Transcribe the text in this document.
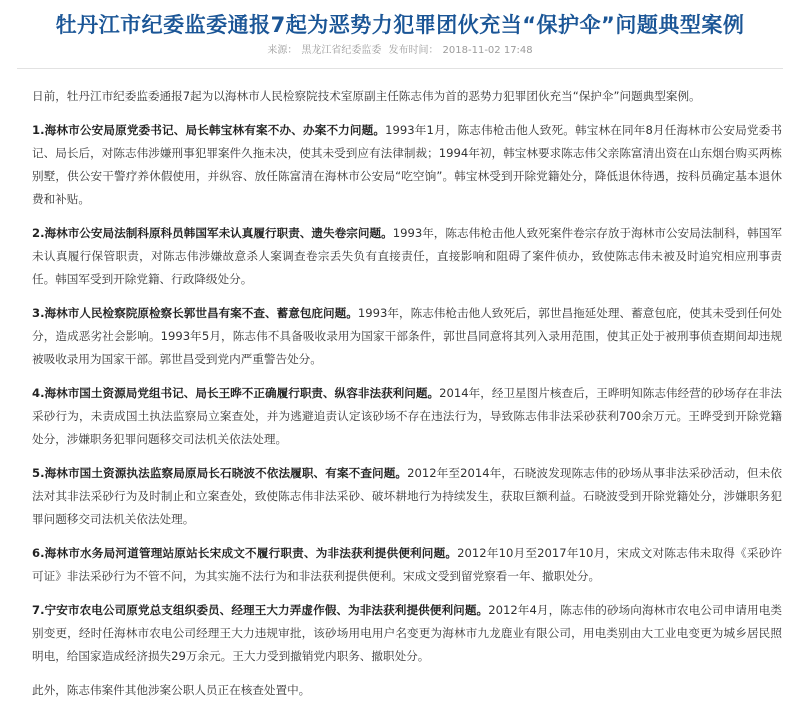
牡丹江市纪委监委通报7起为恶势力犯罪团伙充当“保护伞”问题典型案例
来源： 黑龙江省纪委监委 发布时间： 2018-11-02 17:48

日前，牡丹江市纪委监委通报7起为以海林市人民检察院技术室原副主任陈志伟为首的恶势力犯罪团伙充当“保护伞”问题典型案例。

1.海林市公安局原党委书记、局长韩宝林有案不办、办案不力问题。1993年1月，陈志伟枪击他人致死。韩宝林在同年8月任海林市公安局党委书记、局长后，对陈志伟涉嫌刑事犯罪案件久拖未决，使其未受到应有法律制裁；1994年初，韩宝林要求陈志伟父亲陈富清出资在山东烟台购买两栋别墅，供公安干警疗养休假使用，并纵容、放任陈富清在海林市公安局“吃空饷”。韩宝林受到开除党籍处分，降低退休待遇，按科员确定基本退休费和补贴。

2.海林市公安局法制科原科员韩国军未认真履行职责、遗失卷宗问题。1993年，陈志伟枪击他人致死案件卷宗存放于海林市公安局法制科，韩国军未认真履行保管职责，对陈志伟涉嫌故意杀人案调查卷宗丢失负有直接责任，直接影响和阻碍了案件侦办，致使陈志伟未被及时追究相应刑事责任。韩国军受到开除党籍、行政降级处分。

3.海林市人民检察院原检察长郭世昌有案不查、蓄意包庇问题。1993年，陈志伟枪击他人致死后，郭世昌拖延处理、蓄意包庇，使其未受到任何处分，造成恶劣社会影响。1993年5月，陈志伟不具备吸收录用为国家干部条件，郭世昌同意将其列入录用范围，使其正处于被刑事侦查期间却违规被吸收录用为国家干部。郭世昌受到党内严重警告处分。

4.海林市国土资源局党组书记、局长王晔不正确履行职责、纵容非法获利问题。2014年，经卫星图片核查后，王晔明知陈志伟经营的砂场存在非法采砂行为，未责成国土执法监察局立案查处，并为逃避追责认定该砂场不存在违法行为，导致陈志伟非法采砂获利700余万元。王晔受到开除党籍处分，涉嫌职务犯罪问题移交司法机关依法处理。

5.海林市国土资源执法监察局原局长石晓波不依法履职、有案不查问题。2012年至2014年，石晓波发现陈志伟的砂场从事非法采砂活动，但未依法对其非法采砂行为及时制止和立案查处，致使陈志伟非法采砂、破坏耕地行为持续发生，获取巨额利益。石晓波受到开除党籍处分，涉嫌职务犯罪问题移交司法机关依法处理。

6.海林市水务局河道管理站原站长宋成文不履行职责、为非法获利提供便利问题。2012年10月至2017年10月，宋成文对陈志伟未取得《采砂许可证》非法采砂行为不管不问，为其实施不法行为和非法获利提供便利。宋成文受到留党察看一年、撤职处分。

7.宁安市农电公司原党总支组织委员、经理王大力弄虚作假、为非法获利提供便利问题。2012年4月，陈志伟的砂场向海林市农电公司申请用电类别变更，经时任海林市农电公司经理王大力违规审批，该砂场用电用户名变更为海林市九龙鹿业有限公司，用电类别由大工业电变更为城乡居民照明电，给国家造成经济损失29万余元。王大力受到撤销党内职务、撤职处分。

此外，陈志伟案件其他涉案公职人员正在核查处置中。
